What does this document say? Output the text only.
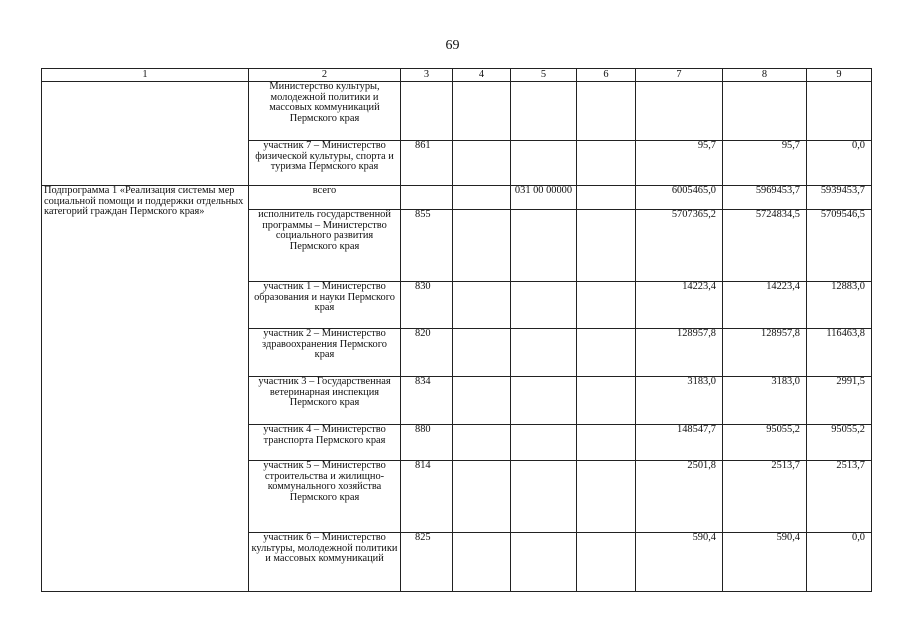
69
1	2	3	4	5	6	7	8	9
	Министерство культуры, молодежной политики и массовых коммуникаций Пермского края							
	участник 7 – Министерство физической культуры, спорта и туризма Пермского края	861				95,7	95,7	0,0
Подпрограмма 1 «Реализация системы мер социальной помощи и поддержки отдельных категорий граждан Пермского края»	всего			031 00 00000		6005465,0	5969453,7	5939453,7
	исполнитель государственной программы – Министерство социального развития Пермского края	855				5707365,2	5724834,5	5709546,5
	участник 1 – Министерство образования и науки Пермского края	830				14223,4	14223,4	12883,0
	участник 2 – Министерство здравоохранения Пермского края	820				128957,8	128957,8	116463,8
	участник 3 – Государственная ветеринарная инспекция Пермского края	834				3183,0	3183,0	2991,5
	участник 4 – Министерство транспорта Пермского края	880				148547,7	95055,2	95055,2
	участник 5 – Министерство строительства и жилищно-коммунального хозяйства Пермского края	814				2501,8	2513,7	2513,7
	участник 6 – Министерство культуры, молодежной политики и массовых коммуникаций	825				590,4	590,4	0,0
